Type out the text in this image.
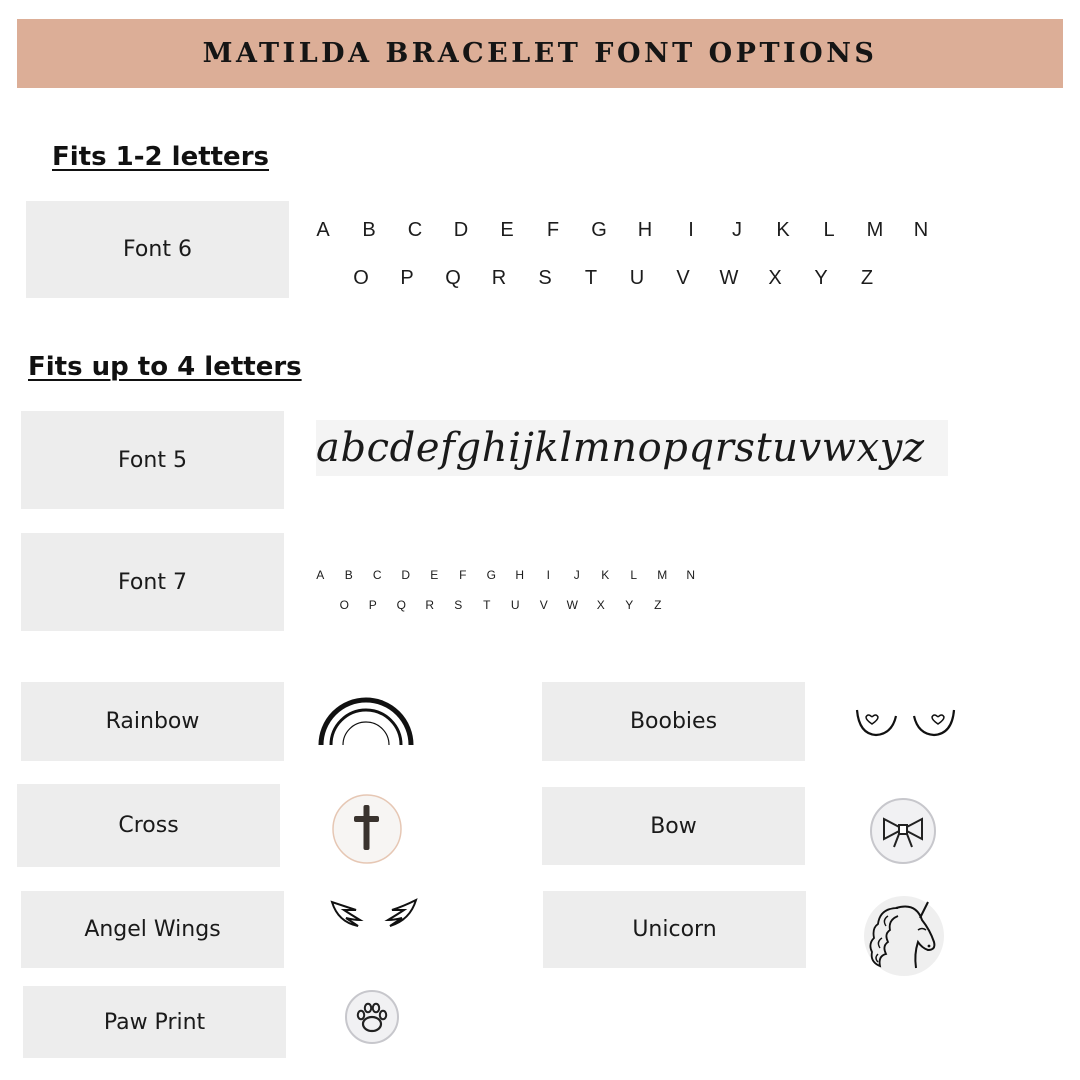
MATILDA BRACELET FONT OPTIONS
Fits 1-2 letters
Font 6
A	B	C	D	E	F	G	H	I	J	K	L	M	N
O	P	Q	R	S	T	U	V	W	X	Y	Z
Fits up to 4 letters
Font 5	abcdefghijklmnopqrstuvwxyz
Font 7	A	B	C	D	E	F	G	H	I	J	K	L	M	N
O	P	Q	R	S	T	U	V	W	X	Y	Z
Rainbow	Boobies
Cross	Bow
Angel Wings	Unicorn
Paw Print
